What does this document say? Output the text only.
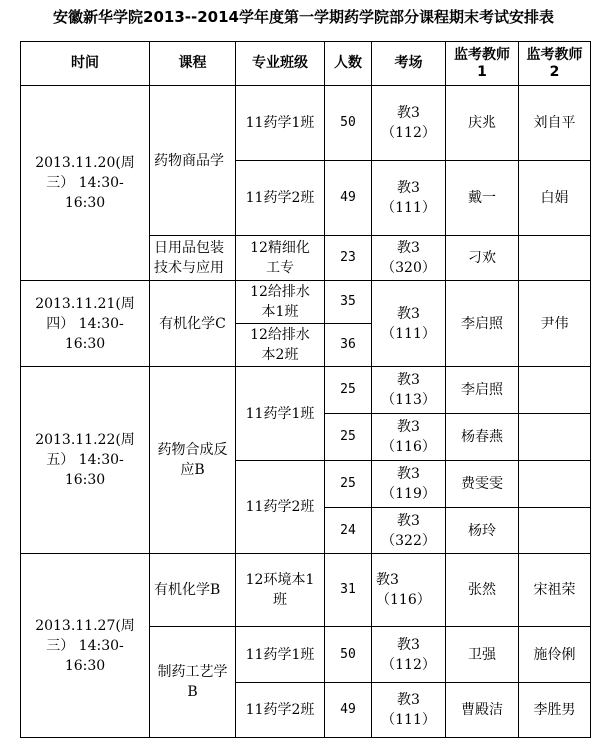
安徽新华学院2013--2014学年度第一学期药学院部分课程期末考试安排表
时间	课程	专业班级	人数	考场	监考教师 1	监考教师 2
2013.11.20(周
三） 14:30-
16:30	药物商品学	11药学1班	50	教3
（112）	庆兆	刘自平
		11药学2班	49	教3
（111）	戴一	白娟
	日用品包装
技术与应用	12精细化
工专	23	教3
（320）	刁欢	
2013.11.21(周
四） 14:30-
16:30	有机化学C	12给排水
本1班	35	教3
（111）	李启照	尹伟
		12给排水
本2班	36			
2013.11.22(周
五） 14:30-
16:30	药物合成反
应B	11药学1班	25	教3
（113）	李启照	
			25	教3
（116）	杨春燕	
		11药学2班	25	教3
（119）	费雯雯	
			24	教3
（322）	杨玲	
2013.11.27(周
三） 14:30-
16:30	有机化学B	12环境本1
班	31	教3
（116）	张然	宋祖荣
	制药工艺学
B	11药学1班	50	教3
（112）	卫强	施伶俐
		11药学2班	49	教3
（111）	曹殿洁	李胜男
